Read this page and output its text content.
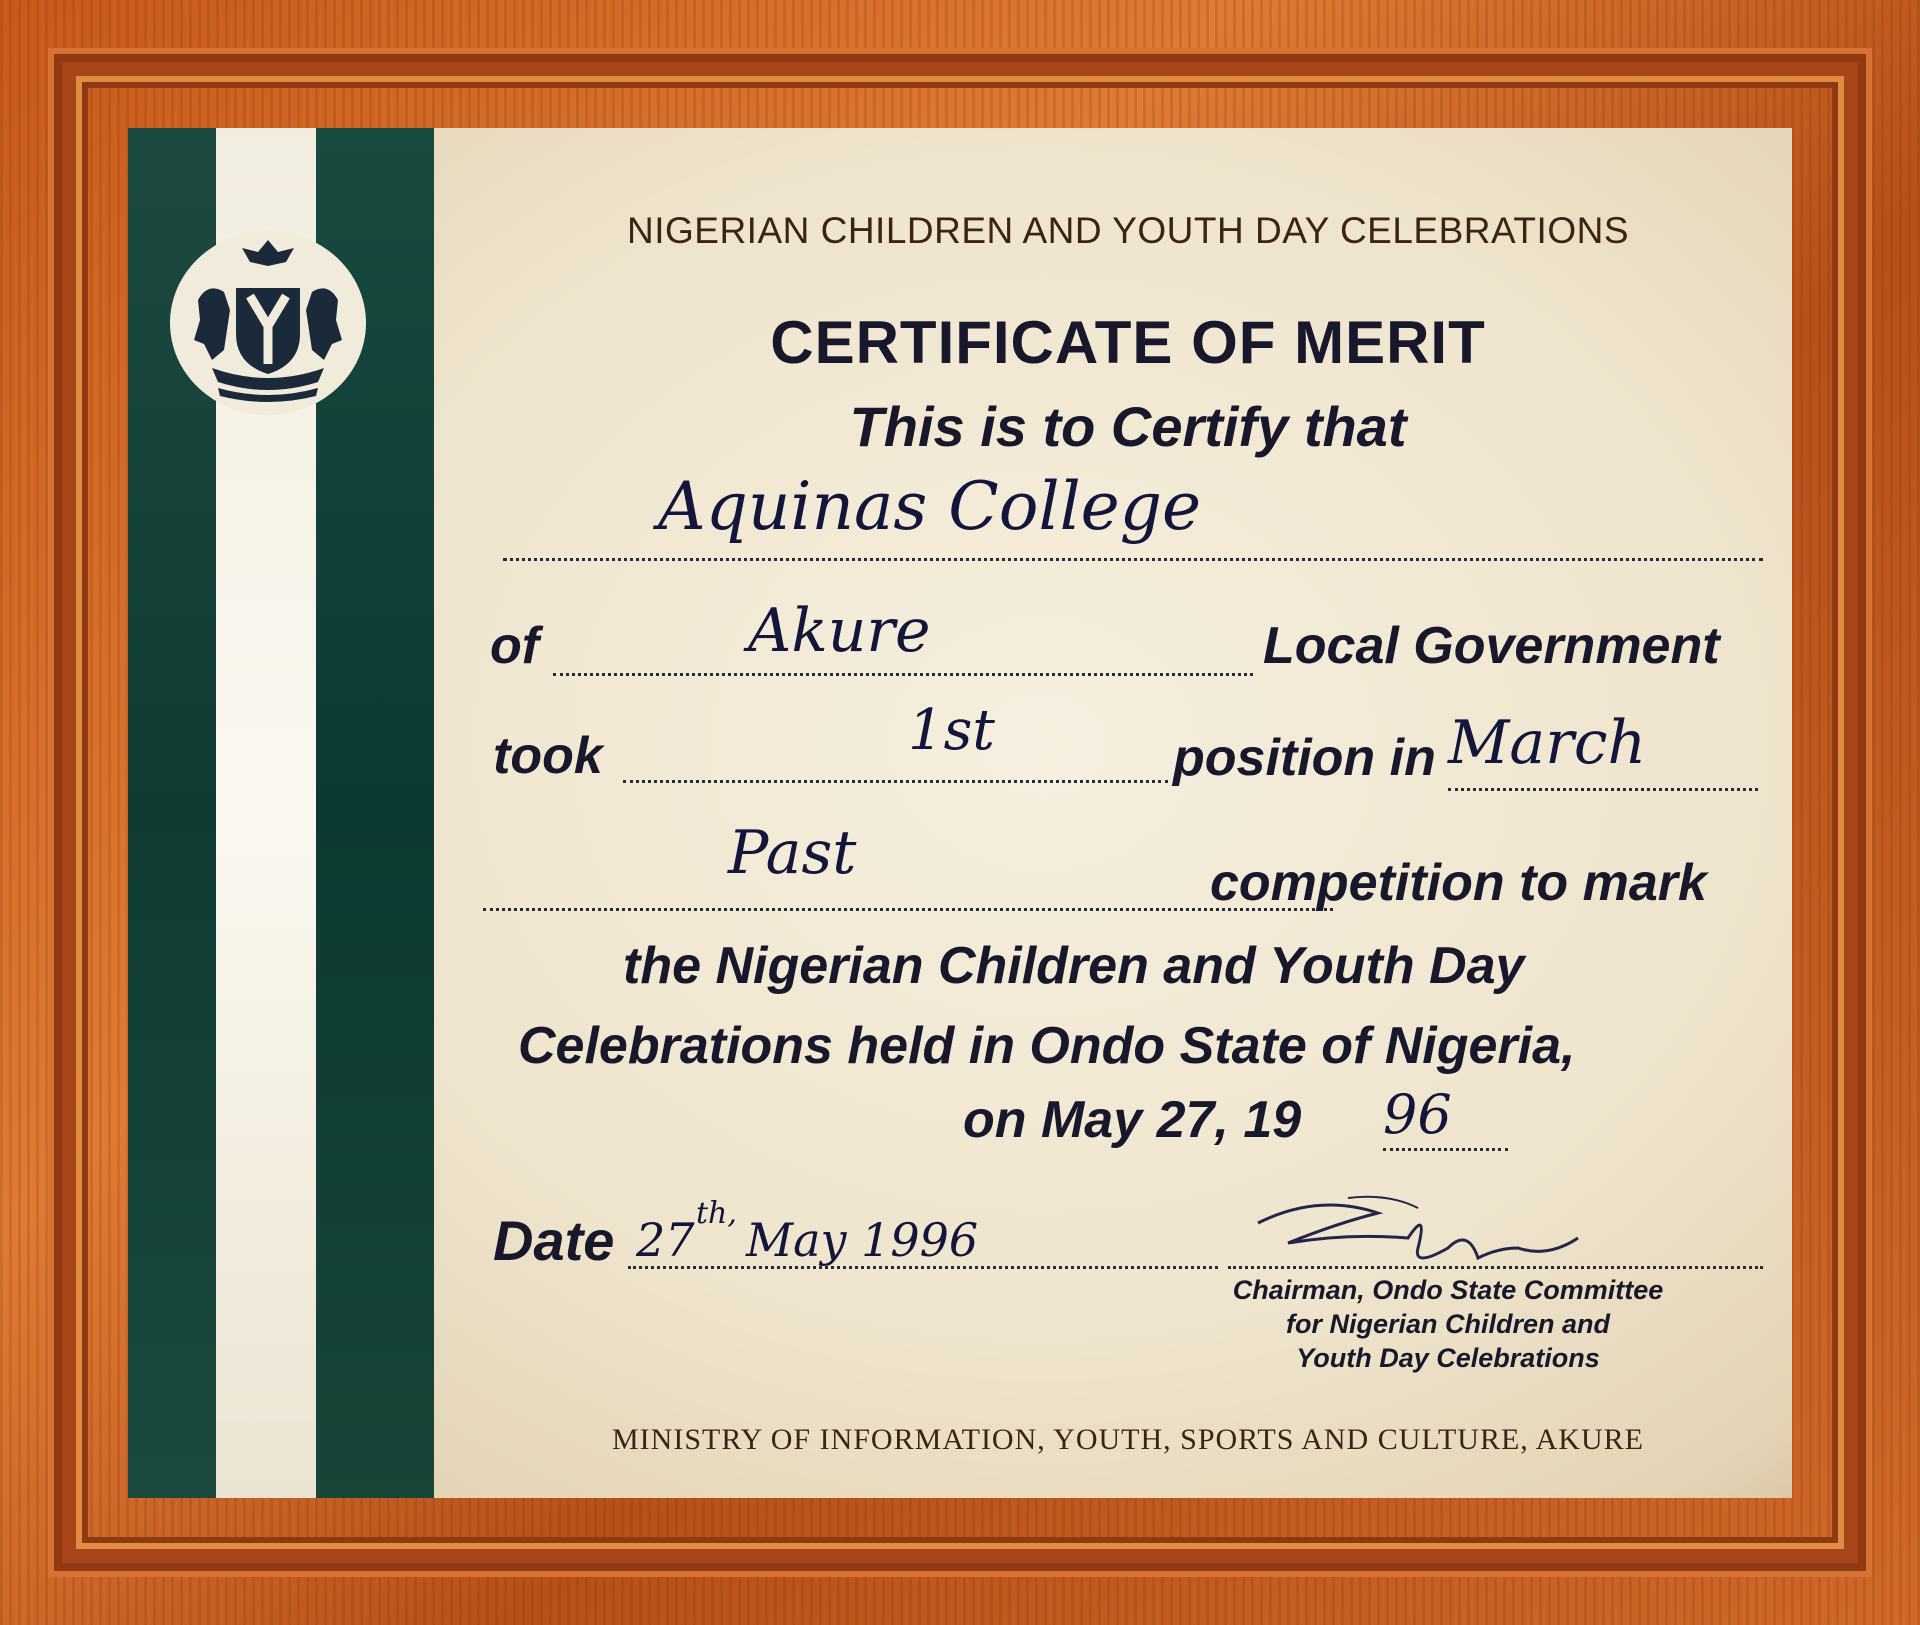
NIGERIAN CHILDREN AND YOUTH DAY CELEBRATIONS
CERTIFICATE OF MERIT
This is to Certify that
Aquinas College
of	Akure	Local Government
took	1st	position in March
Past	competition to mark
the Nigerian Children and Youth Day
Celebrations held in Ondo State of Nigeria,
on May 27, 19 96
Date 27 th, May 1996
Chairman, Ondo State Committee
for Nigerian Children and
Youth Day Celebrations
MINISTRY OF INFORMATION, YOUTH, SPORTS AND CULTURE, AKURE
